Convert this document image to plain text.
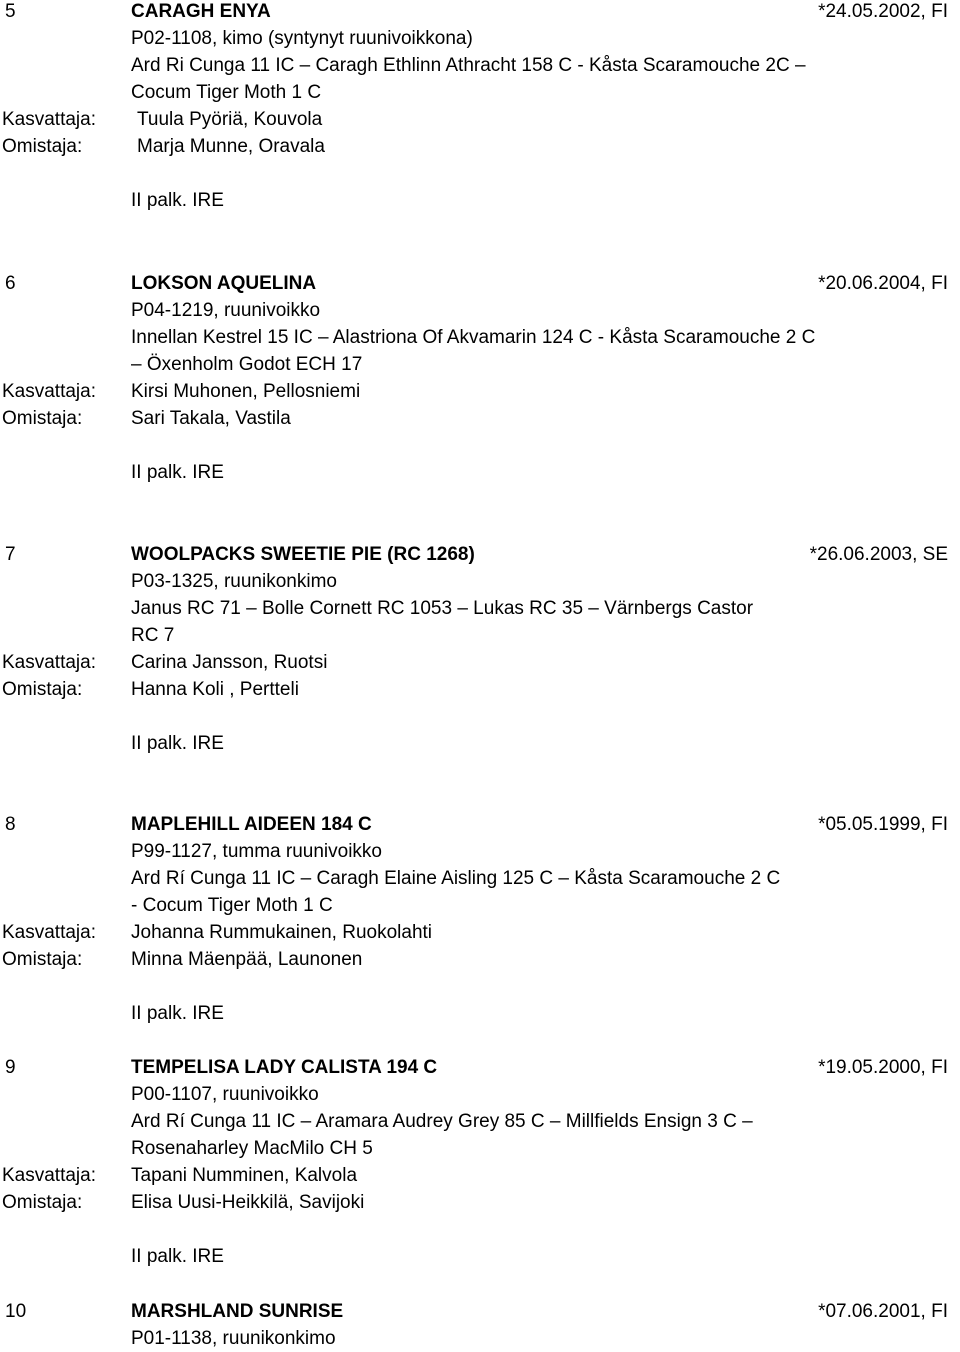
5	CARAGH ENYA	*24.05.2002, FI
P02-1108, kimo (syntynyt ruunivoikkona)
Ard Ri Cunga 11 IC – Caragh Ethlinn Athracht 158 C - Kåsta Scaramouche 2C –
Cocum Tiger Moth 1 C
Kasvattaja: Tuula Pyöriä, Kouvola
Omistaja:	Marja Munne, Oravala
II palk. IRE
6	LOKSON AQUELINA	*20.06.2004, FI
P04-1219, ruunivoikko
Innellan Kestrel 15 IC – Alastriona Of Akvamarin 124 C - Kåsta Scaramouche 2 C
– Öxenholm Godot ECH 17
Kasvattaja: Kirsi Muhonen, Pellosniemi
Omistaja:	Sari Takala, Vastila
II palk. IRE
7	WOOLPACKS SWEETIE PIE (RC 1268)	*26.06.2003, SE
P03-1325, ruunikonkimo
Janus RC 71 – Bolle Cornett RC 1053 – Lukas RC 35 – Värnbergs Castor
RC 7
Kasvattaja: Carina Jansson, Ruotsi
Omistaja:	Hanna Koli , Pertteli
II palk. IRE
8	MAPLEHILL AIDEEN 184 C	*05.05.1999, FI
P99-1127, tumma ruunivoikko
Ard Rí Cunga 11 IC – Caragh Elaine Aisling 125 C – Kåsta Scaramouche 2 C
- Cocum Tiger Moth 1 C
Kasvattaja: Johanna Rummukainen, Ruokolahti
Omistaja:	Minna Mäenpää, Launonen
II palk. IRE
9	TEMPELISA LADY CALISTA 194 C	*19.05.2000, FI
P00-1107, ruunivoikko
Ard Rí Cunga 11 IC – Aramara Audrey Grey 85 C – Millfields Ensign 3 C –
Rosenaharley MacMilo CH 5
Kasvattaja: Tapani Numminen, Kalvola
Omistaja:	Elisa Uusi-Heikkilä, Savijoki
II palk. IRE
10	MARSHLAND SUNRISE	*07.06.2001, FI
P01-1138, ruunikonkimo
